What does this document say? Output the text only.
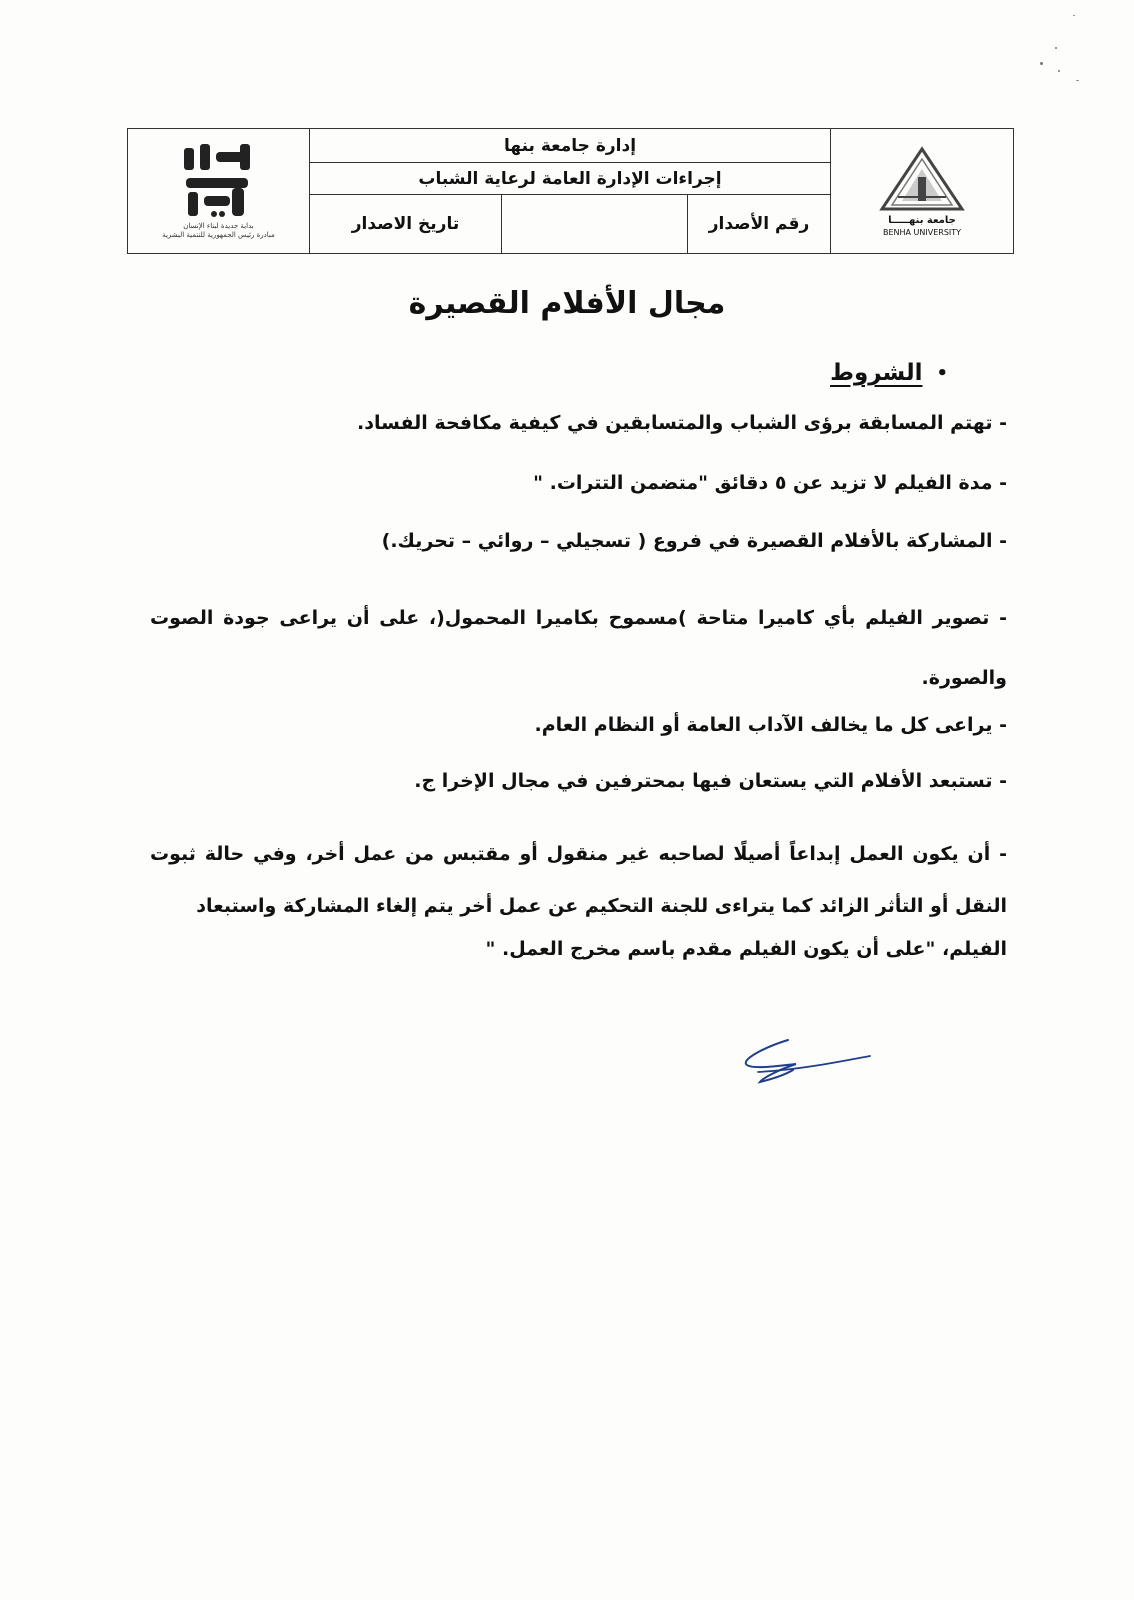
بداية جديدة لبناء الإنسان
مبادرة رئيس الجمهورية للتنمية البشرية
إدارة جامعة بنها
إجراءات الإدارة العامة لرعاية الشباب
رقم الأصدار
تاريخ الاصدار	جامعة بنهـــــا
BENHA UNIVERSITY
مجال الأفلام القصيرة
•
الشروط

- تهتم المسابقة برؤى الشباب والمتسابقين في كيفية مكافحة الفساد.

- مدة الفيلم لا تزيد عن ٥ دقائق "متضمن التترات. "

- المشاركة بالأفلام القصيرة في فروع ( تسجيلي – روائي – تحريك.)

- تصوير الفيلم بأي كاميرا متاحة )مسموح بكاميرا المحمول(، على أن يراعى جودة الصوت والصورة.

- يراعى كل ما يخالف الآداب العامة أو النظام العام.

- تستبعد الأفلام التي يستعان فيها بمحترفين في مجال الإخرا ج.

- أن يكون العمل إبداعاً أصيلًا لصاحبه غير منقول أو مقتبس من عمل أخر، وفي حالة ثبوت النقل أو التأثر الزائد كما يتراءى للجنة التحكيم عن عمل أخر يتم إلغاء المشاركة واستبعاد
الفيلم، "على أن يكون الفيلم مقدم باسم مخرج العمل. "
